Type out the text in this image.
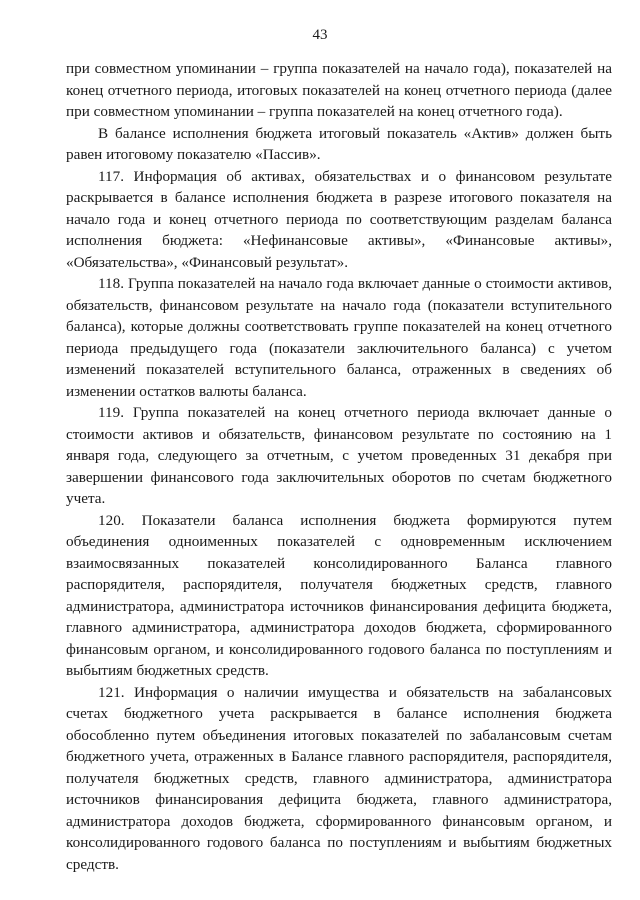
43

при совместном упоминании – группа показателей на начало года), показателей на конец отчетного периода, итоговых показателей на конец отчетного периода (далее при совместном упоминании – группа показателей на конец отчетного года).

В балансе исполнения бюджета итоговый показатель «Актив» должен быть равен итоговому показателю «Пассив».

117. Информация об активах, обязательствах и о финансовом результате раскрывается в балансе исполнения бюджета в разрезе итогового показателя на начало года и конец отчетного периода по соответствующим разделам баланса исполнения бюджета: «Нефинансовые активы», «Финансовые активы», «Обязательства», «Финансовый результат».

118. Группа показателей на начало года включает данные о стоимости активов, обязательств, финансовом результате на начало года (показатели вступительного баланса), которые должны соответствовать группе показателей на конец отчетного периода предыдущего года (показатели заключительного баланса) с учетом изменений показателей вступительного баланса, отраженных в сведениях об изменении остатков валюты баланса.

119. Группа показателей на конец отчетного периода включает данные о стоимости активов и обязательств, финансовом результате по состоянию на 1 января года, следующего за отчетным, с учетом проведенных 31 декабря при завершении финансового года заключительных оборотов по счетам бюджетного учета.

120. Показатели баланса исполнения бюджета формируются путем объединения одноименных показателей с одновременным исключением взаимосвязанных показателей консолидированного Баланса главного распорядителя, распорядителя, получателя бюджетных средств, главного администратора, администратора источников финансирования дефицита бюджета, главного администратора, администратора доходов бюджета, сформированного финансовым органом, и консолидированного годового баланса по поступлениям и выбытиям бюджетных средств.

121. Информация о наличии имущества и обязательств на забалансовых счетах бюджетного учета раскрывается в балансе исполнения бюджета обособленно путем объединения итоговых показателей по забалансовым счетам бюджетного учета, отраженных в Балансе главного распорядителя, распорядителя, получателя бюджетных средств, главного администратора, администратора источников финансирования дефицита бюджета, главного администратора, администратора доходов бюджета, сформированного финансовым органом, и консолидированного годового баланса по поступлениям и выбытиям бюджетных средств.
